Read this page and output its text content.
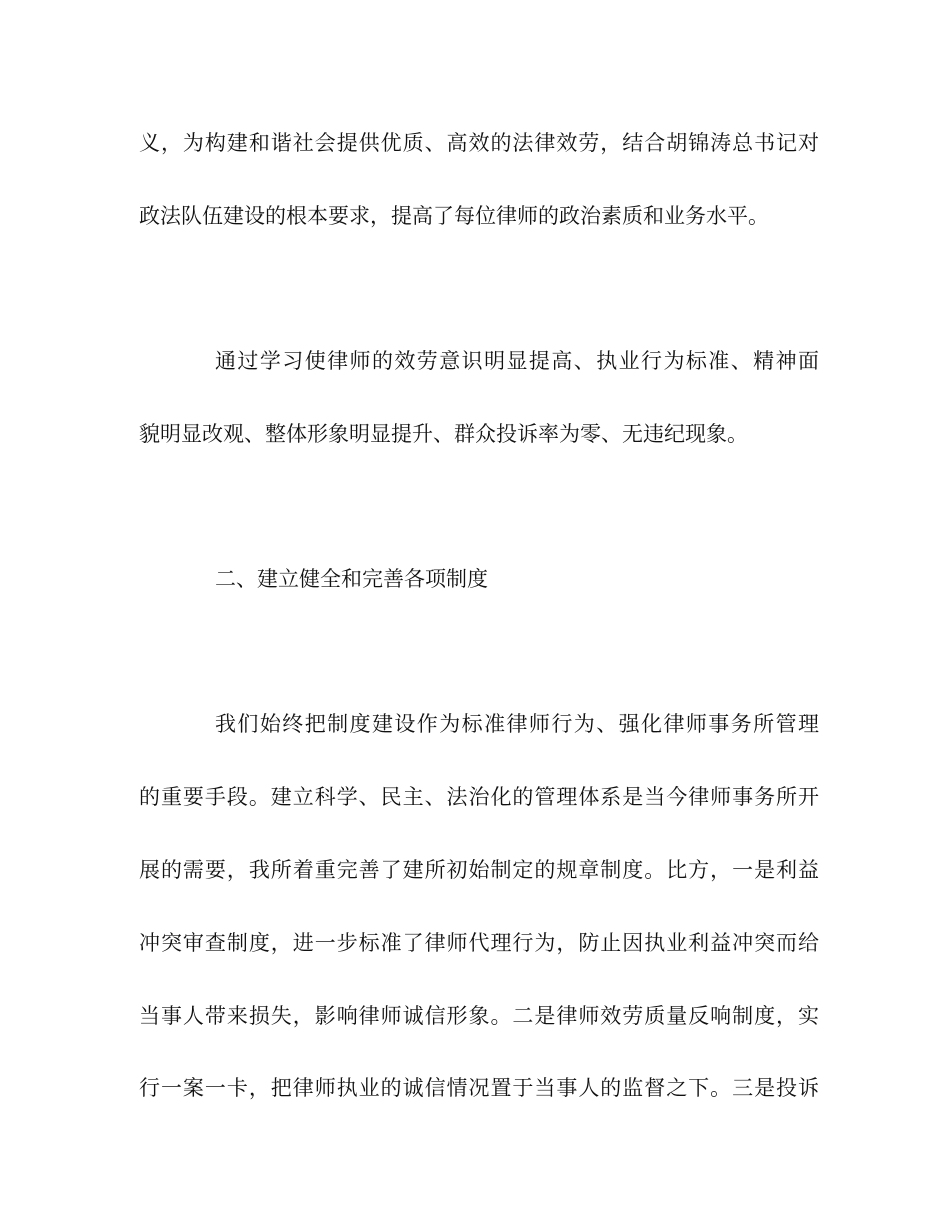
义，为构建和谐社会提供优质、高效的法律效劳，结合胡锦涛总书记对
政法队伍建设的根本要求，提高了每位律师的政治素质和业务水平。
通过学习使律师的效劳意识明显提高、执业行为标准、精神面
貌明显改观、整体形象明显提升、群众投诉率为零、无违纪现象。
二、建立健全和完善各项制度
我们始终把制度建设作为标准律师行为、强化律师事务所管理
的重要手段。建立科学、民主、法治化的管理体系是当今律师事务所开
展的需要，我所着重完善了建所初始制定的规章制度。比方，一是利益
冲突审查制度，进一步标准了律师代理行为，防止因执业利益冲突而给
当事人带来损失，影响律师诚信形象。二是律师效劳质量反响制度，实
行一案一卡，把律师执业的诚信情况置于当事人的监督之下。三是投诉
